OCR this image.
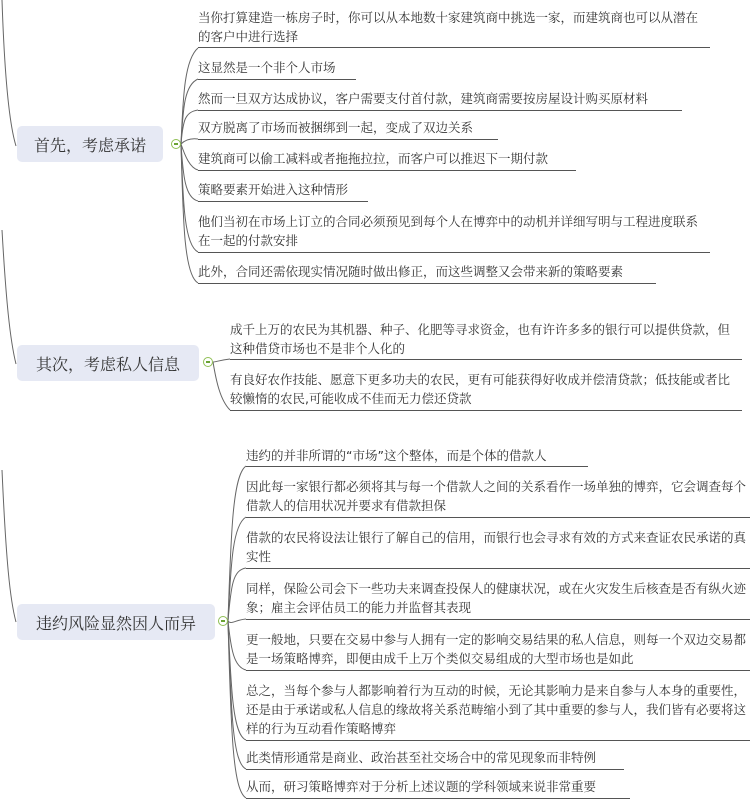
首先，考虑承诺
当你打算建造一栋房子时，你可以从本地数十家建筑商中挑选一家，而建筑商也可以从潜在的客户中进行选择
这显然是一个非个人市场
然而一旦双方达成协议，客户需要支付首付款，建筑商需要按房屋设计购买原材料
双方脱离了市场而被捆绑到一起，变成了双边关系
建筑商可以偷工减料或者拖拖拉拉，而客户可以推迟下一期付款
策略要素开始进入这种情形
他们当初在市场上订立的合同必须预见到每个人在博弈中的动机并详细写明与工程进度联系在一起的付款安排
此外，合同还需依现实情况随时做出修正，而这些调整又会带来新的策略要素
其次，考虑私人信息
成千上万的农民为其机器、种子、化肥等寻求资金，也有许许多多的银行可以提供贷款，但这种借贷市场也不是非个人化的
有良好农作技能、愿意下更多功夫的农民，更有可能获得好收成并偿清贷款；低技能或者比较懒惰的农民,可能收成不佳而无力偿还贷款
违约风险显然因人而异
违约的并非所谓的“市场”这个整体，而是个体的借款人
因此每一家银行都必须将其与每一个借款人之间的关系看作一场单独的博弈，它会调查每个借款人的信用状况并要求有借款担保
借款的农民将设法让银行了解自己的信用，而银行也会寻求有效的方式来查证农民承诺的真实性
同样，保险公司会下一些功夫来调查投保人的健康状况，或在火灾发生后核查是否有纵火迹象；雇主会评估员工的能力并监督其表现
更一般地，只要在交易中参与人拥有一定的影响交易结果的私人信息，则每一个双边交易都是一场策略博弈，即便由成千上万个类似交易组成的大型市场也是如此
总之，当每个参与人都影响着行为互动的时候，无论其影响力是来自参与人本身的重要性，还是由于承诺或私人信息的缘故将关系范畴缩小到了其中重要的参与人，我们皆有必要将这样的行为互动看作策略博弈
此类情形通常是商业、政治甚至社交场合中的常见现象而非特例
从而，研习策略博弈对于分析上述议题的学科领域来说非常重要
